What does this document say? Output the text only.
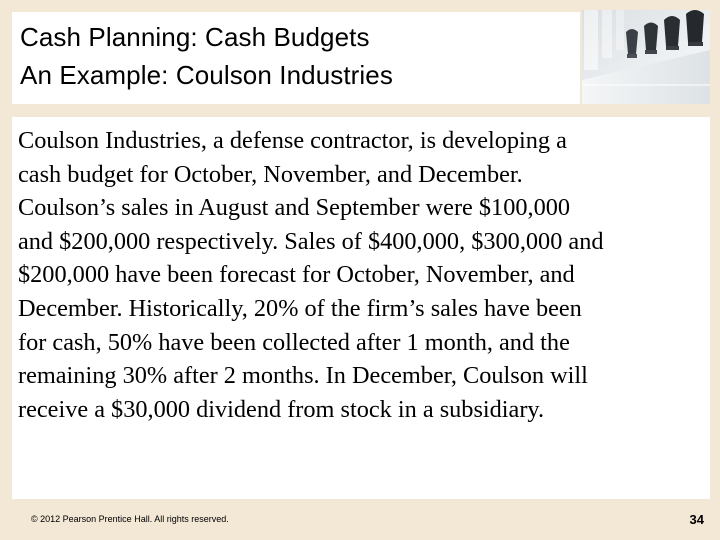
Cash Planning: Cash Budgets
An Example: Coulson Industries
Coulson Industries, a defense contractor, is developing a
cash budget for October, November, and December.
Coulson’s sales in August and September were $100,000
and $200,000 respectively. Sales of $400,000, $300,000 and
$200,000 have been forecast for October, November, and
December. Historically, 20% of the firm’s sales have been
for cash, 50% have been collected after 1 month, and the
remaining 30% after 2 months. In December, Coulson will
receive a $30,000 dividend from stock in a subsidiary.
© 2012 Pearson Prentice Hall. All rights reserved.	34
